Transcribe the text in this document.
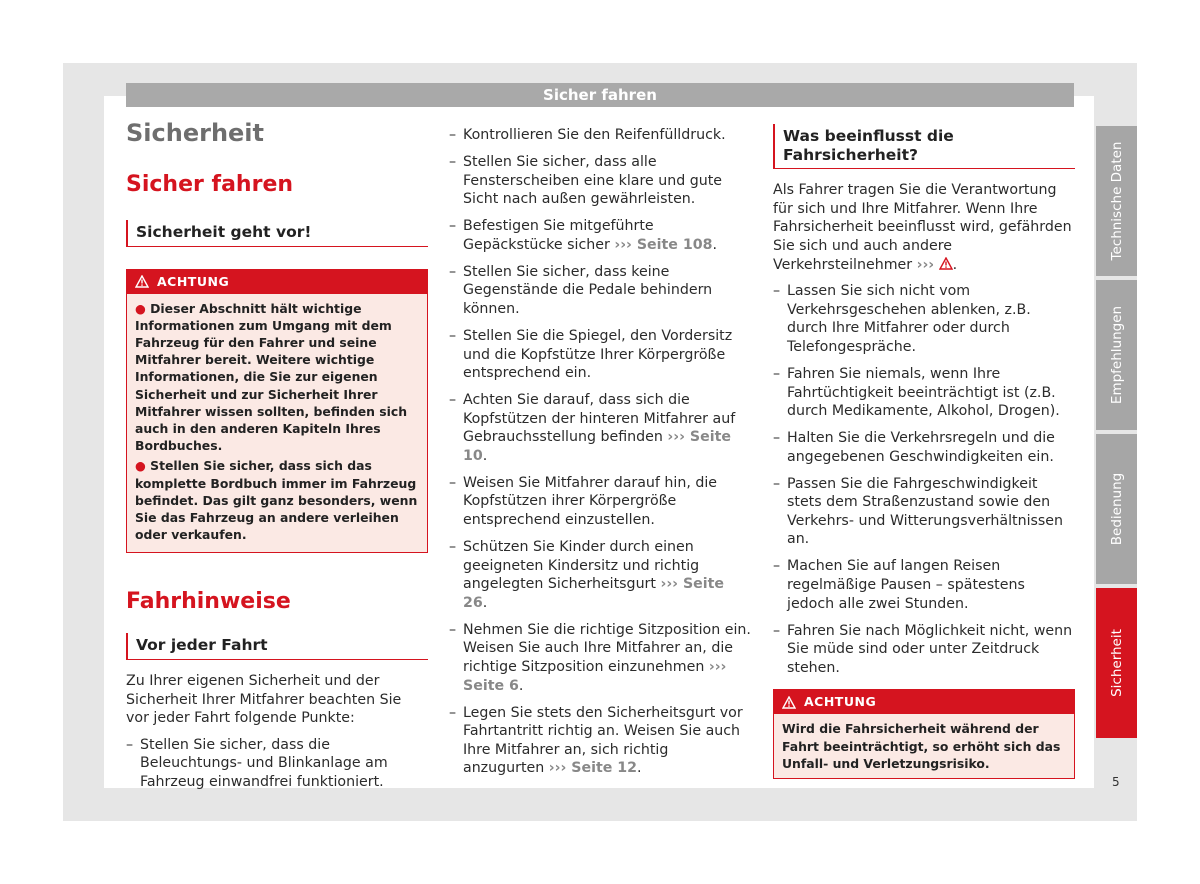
Sicher fahren
Sicherheit
Sicher fahren
Sicherheit geht vor!
ACHTUNG

● Dieser Abschnitt hält wichtige Informationen zum Umgang mit dem Fahrzeug für den Fahrer und seine Mitfahrer bereit. Weitere wichtige Informationen, die Sie zur eigenen Sicherheit und zur Sicherheit Ihrer Mitfahrer wissen sollten, befinden sich auch in den anderen Kapiteln Ihres Bordbuches.

● Stellen Sie sicher, dass sich das komplette Bordbuch immer im Fahrzeug befindet. Das gilt ganz besonders, wenn Sie das Fahrzeug an andere verleihen oder verkaufen.

Fahrhinweise
Vor jeder Fahrt

Zu Ihrer eigenen Sicherheit und der Sicherheit Ihrer Mitfahrer beachten Sie vor jeder Fahrt folgende Punkte:

– Stellen Sie sicher, dass die Beleuchtungs- und Blinkanlage am Fahrzeug einwandfrei funktioniert.
– Kontrollieren Sie den Reifenfülldruck.
– Stellen Sie sicher, dass alle Fensterscheiben eine klare und gute Sicht nach außen gewährleisten.
– Befestigen Sie mitgeführte Gepäckstücke sicher ››› Seite 108.
– Stellen Sie sicher, dass keine Gegenstände die Pedale behindern können.
– Stellen Sie die Spiegel, den Vordersitz und die Kopfstütze Ihrer Körpergröße entsprechend ein.
– Achten Sie darauf, dass sich die Kopfstützen der hinteren Mitfahrer auf Gebrauchsstellung befinden ››› Seite 10.
– Weisen Sie Mitfahrer darauf hin, die Kopfstützen ihrer Körpergröße entsprechend einzustellen.
– Schützen Sie Kinder durch einen geeigneten Kindersitz und richtig angelegten Sicherheitsgurt ››› Seite 26.
– Nehmen Sie die richtige Sitzposition ein. Weisen Sie auch Ihre Mitfahrer an, die richtige Sitzposition einzunehmen ››› Seite 6.
– Legen Sie stets den Sicherheitsgurt vor Fahrtantritt richtig an. Weisen Sie auch Ihre Mitfahrer an, sich richtig anzugurten ››› Seite 12.
Was beeinflusst die Fahrsicherheit?

Als Fahrer tragen Sie die Verantwortung für sich und Ihre Mitfahrer. Wenn Ihre Fahrsicherheit beeinflusst wird, gefährden Sie sich und auch andere Verkehrsteilnehmer ››› .

– Lassen Sie sich nicht vom Verkehrsgeschehen ablenken, z.B. durch Ihre Mitfahrer oder durch Telefongespräche.
– Fahren Sie niemals, wenn Ihre Fahrtüchtigkeit beeinträchtigt ist (z.B. durch Medikamente, Alkohol, Drogen).
– Halten Sie die Verkehrsregeln und die angegebenen Geschwindigkeiten ein.
– Passen Sie die Fahrgeschwindigkeit stets dem Straßenzustand sowie den Verkehrs- und Witterungsverhältnissen an.
– Machen Sie auf langen Reisen regelmäßige Pausen – spätestens jedoch alle zwei Stunden.
– Fahren Sie nach Möglichkeit nicht, wenn Sie müde sind oder unter Zeitdruck stehen.
ACHTUNG
Wird die Fahrsicherheit während der Fahrt beeinträchtigt, so erhöht sich das Unfall- und Verletzungsrisiko.
Technische Daten
Empfehlungen
Bedienung
Sicherheit
5
